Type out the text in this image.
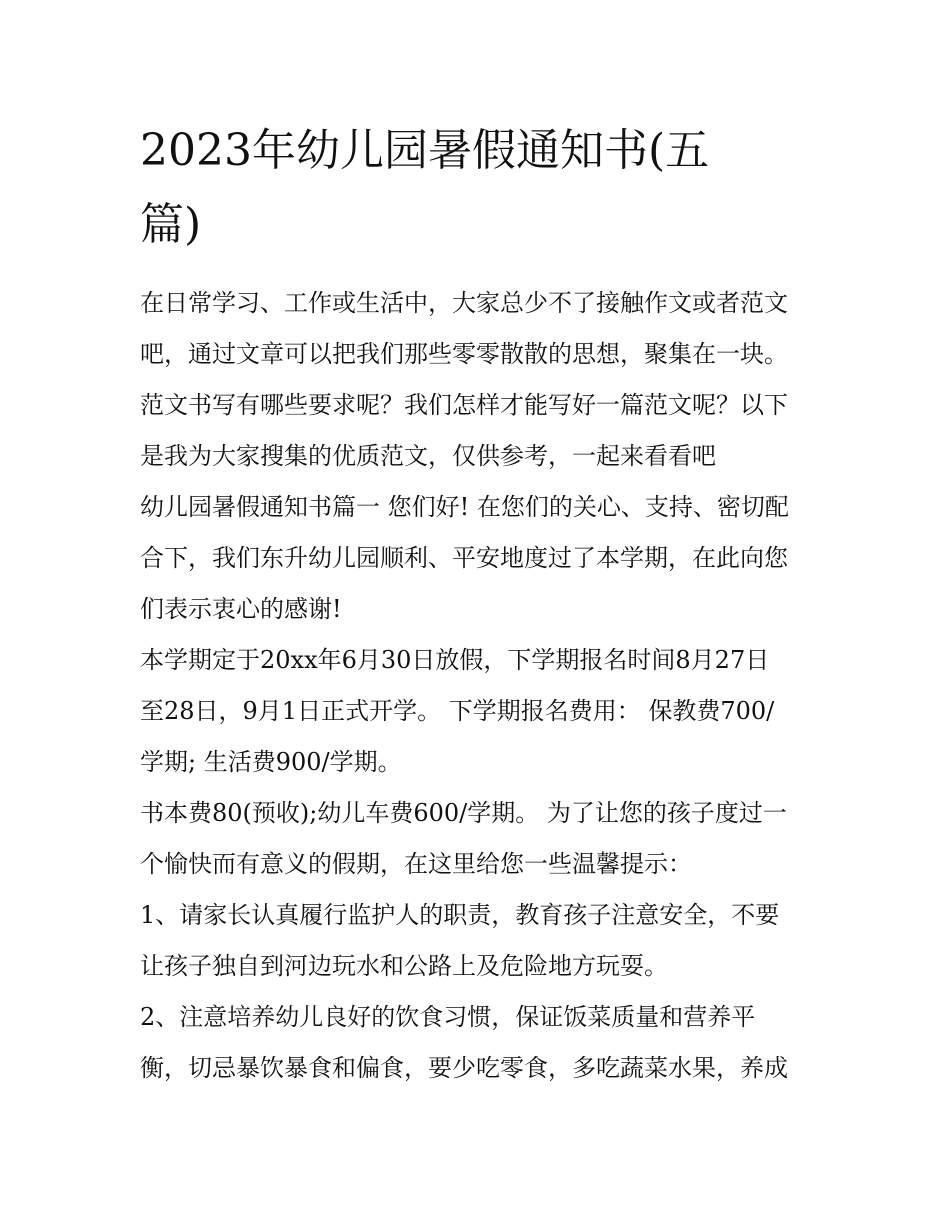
2023年幼儿园暑假通知书(五
篇)
在日常学习、工作或生活中，大家总少不了接触作文或者范文
吧，通过文章可以把我们那些零零散散的思想，聚集在一块。
范文书写有哪些要求呢？我们怎样才能写好一篇范文呢？以下
是我为大家搜集的优质范文，仅供参考，一起来看看吧
幼儿园暑假通知书篇一 您们好! 在您们的关心、支持、密切配
合下，我们东升幼儿园顺利、平安地度过了本学期，在此向您
们表示衷心的感谢!
本学期定于20xx年6月30日放假，下学期报名时间8月27日
至28日，9月1日正式开学。 下学期报名费用： 保教费700/
学期; 生活费900/学期。
书本费80(预收);幼儿车费600/学期。 为了让您的孩子度过一
个愉快而有意义的假期，在这里给您一些温馨提示：
1、请家长认真履行监护人的职责，教育孩子注意安全，不要
让孩子独自到河边玩水和公路上及危险地方玩耍。
2、注意培养幼儿良好的饮食习惯，保证饭菜质量和营养平
衡，切忌暴饮暴食和偏食，要少吃零食，多吃蔬菜水果，养成
